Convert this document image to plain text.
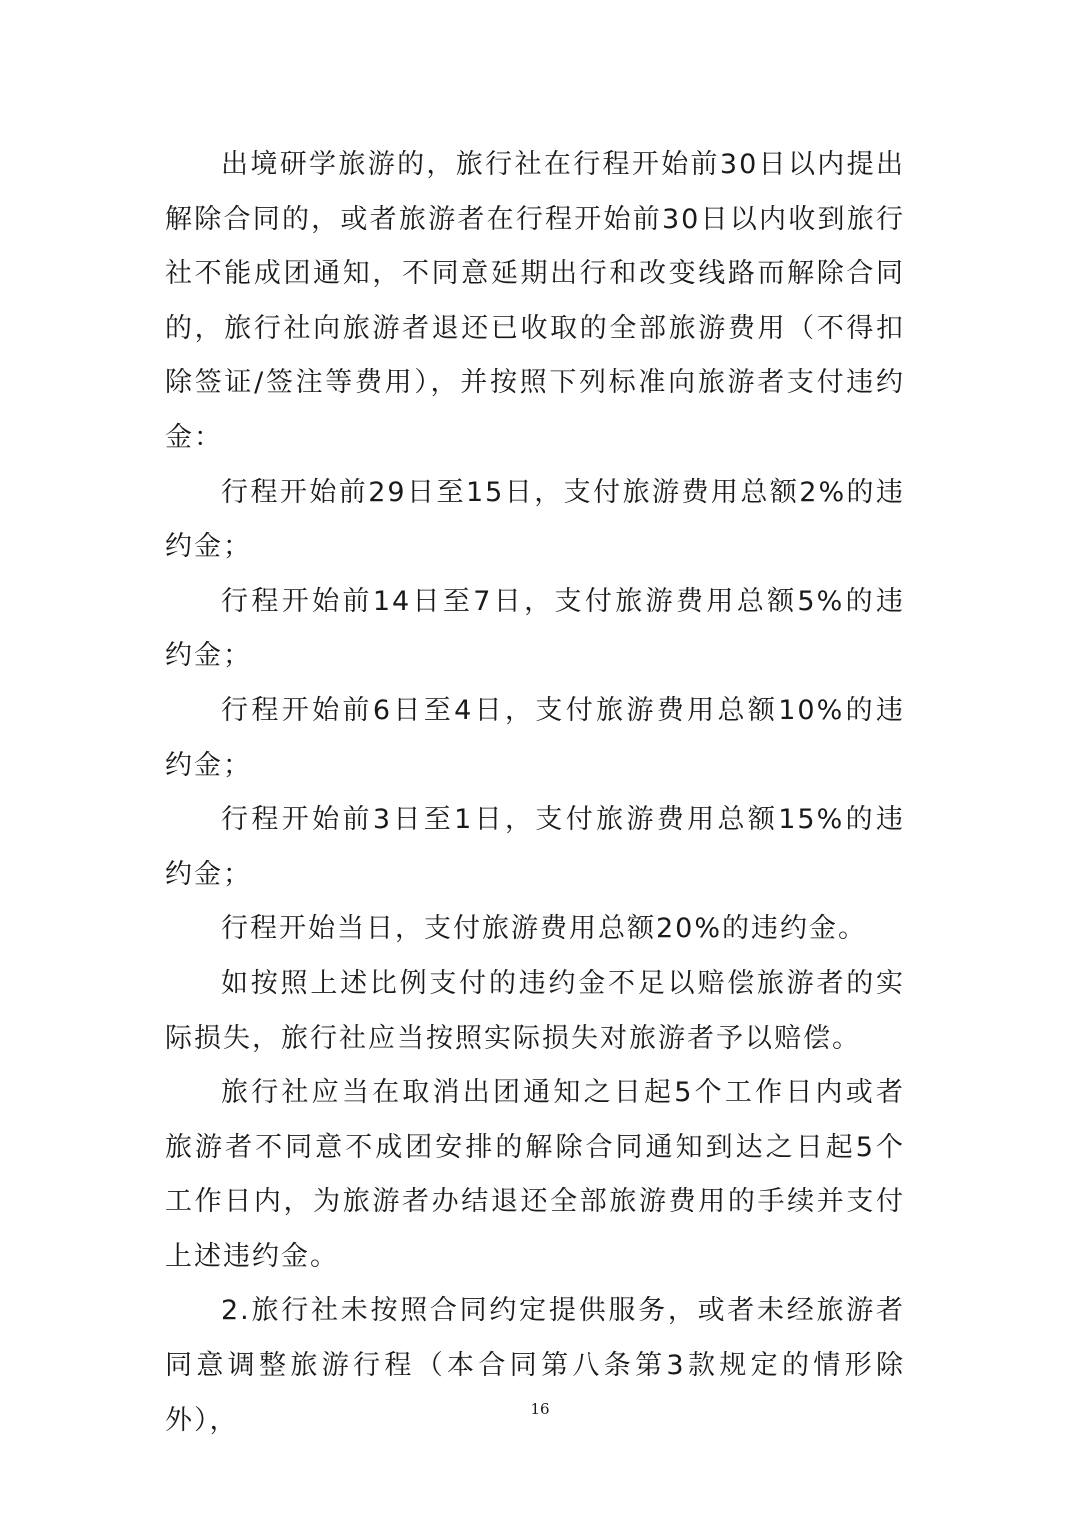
出境研学旅游的，旅行社在行程开始前30日以内提出解除合同的，或者旅游者在行程开始前30日以内收到旅行社不能成团通知，不同意延期出行和改变线路而解除合同的，旅行社向旅游者退还已收取的全部旅游费用（不得扣除签证/签注等费用），并按照下列标准向旅游者支付违约金：

行程开始前29日至15日，支付旅游费用总额2%的违约金；

行程开始前14日至7日，支付旅游费用总额5%的违约金；

行程开始前6日至4日，支付旅游费用总额10%的违约金；

行程开始前3日至1日，支付旅游费用总额15%的违约金；

行程开始当日，支付旅游费用总额20%的违约金。

如按照上述比例支付的违约金不足以赔偿旅游者的实际损失，旅行社应当按照实际损失对旅游者予以赔偿。

旅行社应当在取消出团通知之日起5个工作日内或者旅游者不同意不成团安排的解除合同通知到达之日起5个工作日内，为旅游者办结退还全部旅游费用的手续并支付上述违约金。

2.旅行社未按照合同约定提供服务，或者未经旅游者同意调整旅游行程（本合同第八条第3款规定的情形除外），	16
